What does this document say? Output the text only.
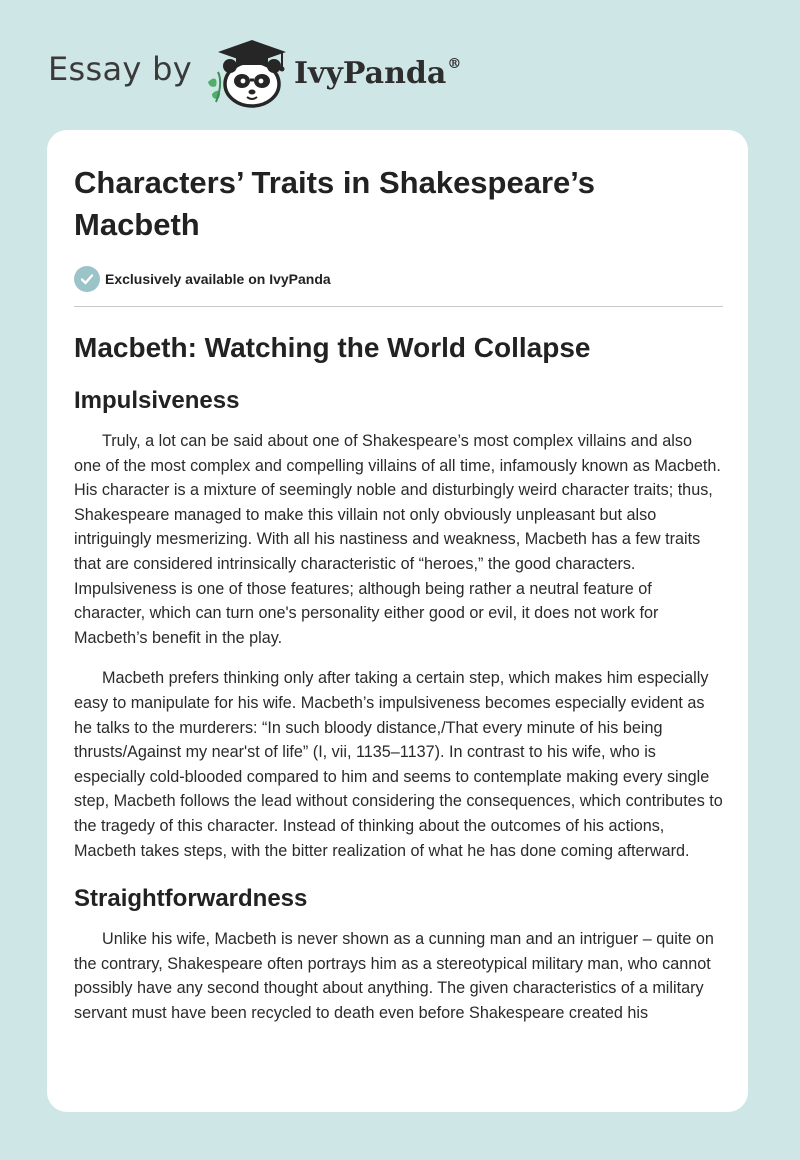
Essay by	IvyPanda®
Characters’ Traits in Shakespeare’s Macbeth
Exclusively available on IvyPanda
Macbeth: Watching the World Collapse
Impulsiveness

Truly, a lot can be said about one of Shakespeare’s most complex villains and also one of the most complex and compelling villains of all time, infamously known as Macbeth. His character is a mixture of seemingly noble and disturbingly weird character traits; thus, Shakespeare managed to make this villain not only obviously unpleasant but also intriguingly mesmerizing. With all his nastiness and weakness, Macbeth has a few traits that are considered intrinsically characteristic of “heroes,” the good characters. Impulsiveness is one of those features; although being rather a neutral feature of character, which can turn one's personality either good or evil, it does not work for Macbeth’s benefit in the play.

Macbeth prefers thinking only after taking a certain step, which makes him especially easy to manipulate for his wife. Macbeth’s impulsiveness becomes especially evident as he talks to the murderers: “In such bloody distance,/That every minute of his being thrusts/Against my near'st of life” (I, vii, 1135–1137). In contrast to his wife, who is especially cold-blooded compared to him and seems to contemplate making every single step, Macbeth follows the lead without considering the consequences, which contributes to the tragedy of this character. Instead of thinking about the outcomes of his actions, Macbeth takes steps, with the bitter realization of what he has done coming afterward.

Straightforwardness

Unlike his wife, Macbeth is never shown as a cunning man and an intriguer – quite on the contrary, Shakespeare often portrays him as a stereotypical military man, who cannot possibly have any second thought about anything. The given characteristics of a military servant must have been recycled to death even before Shakespeare created his
